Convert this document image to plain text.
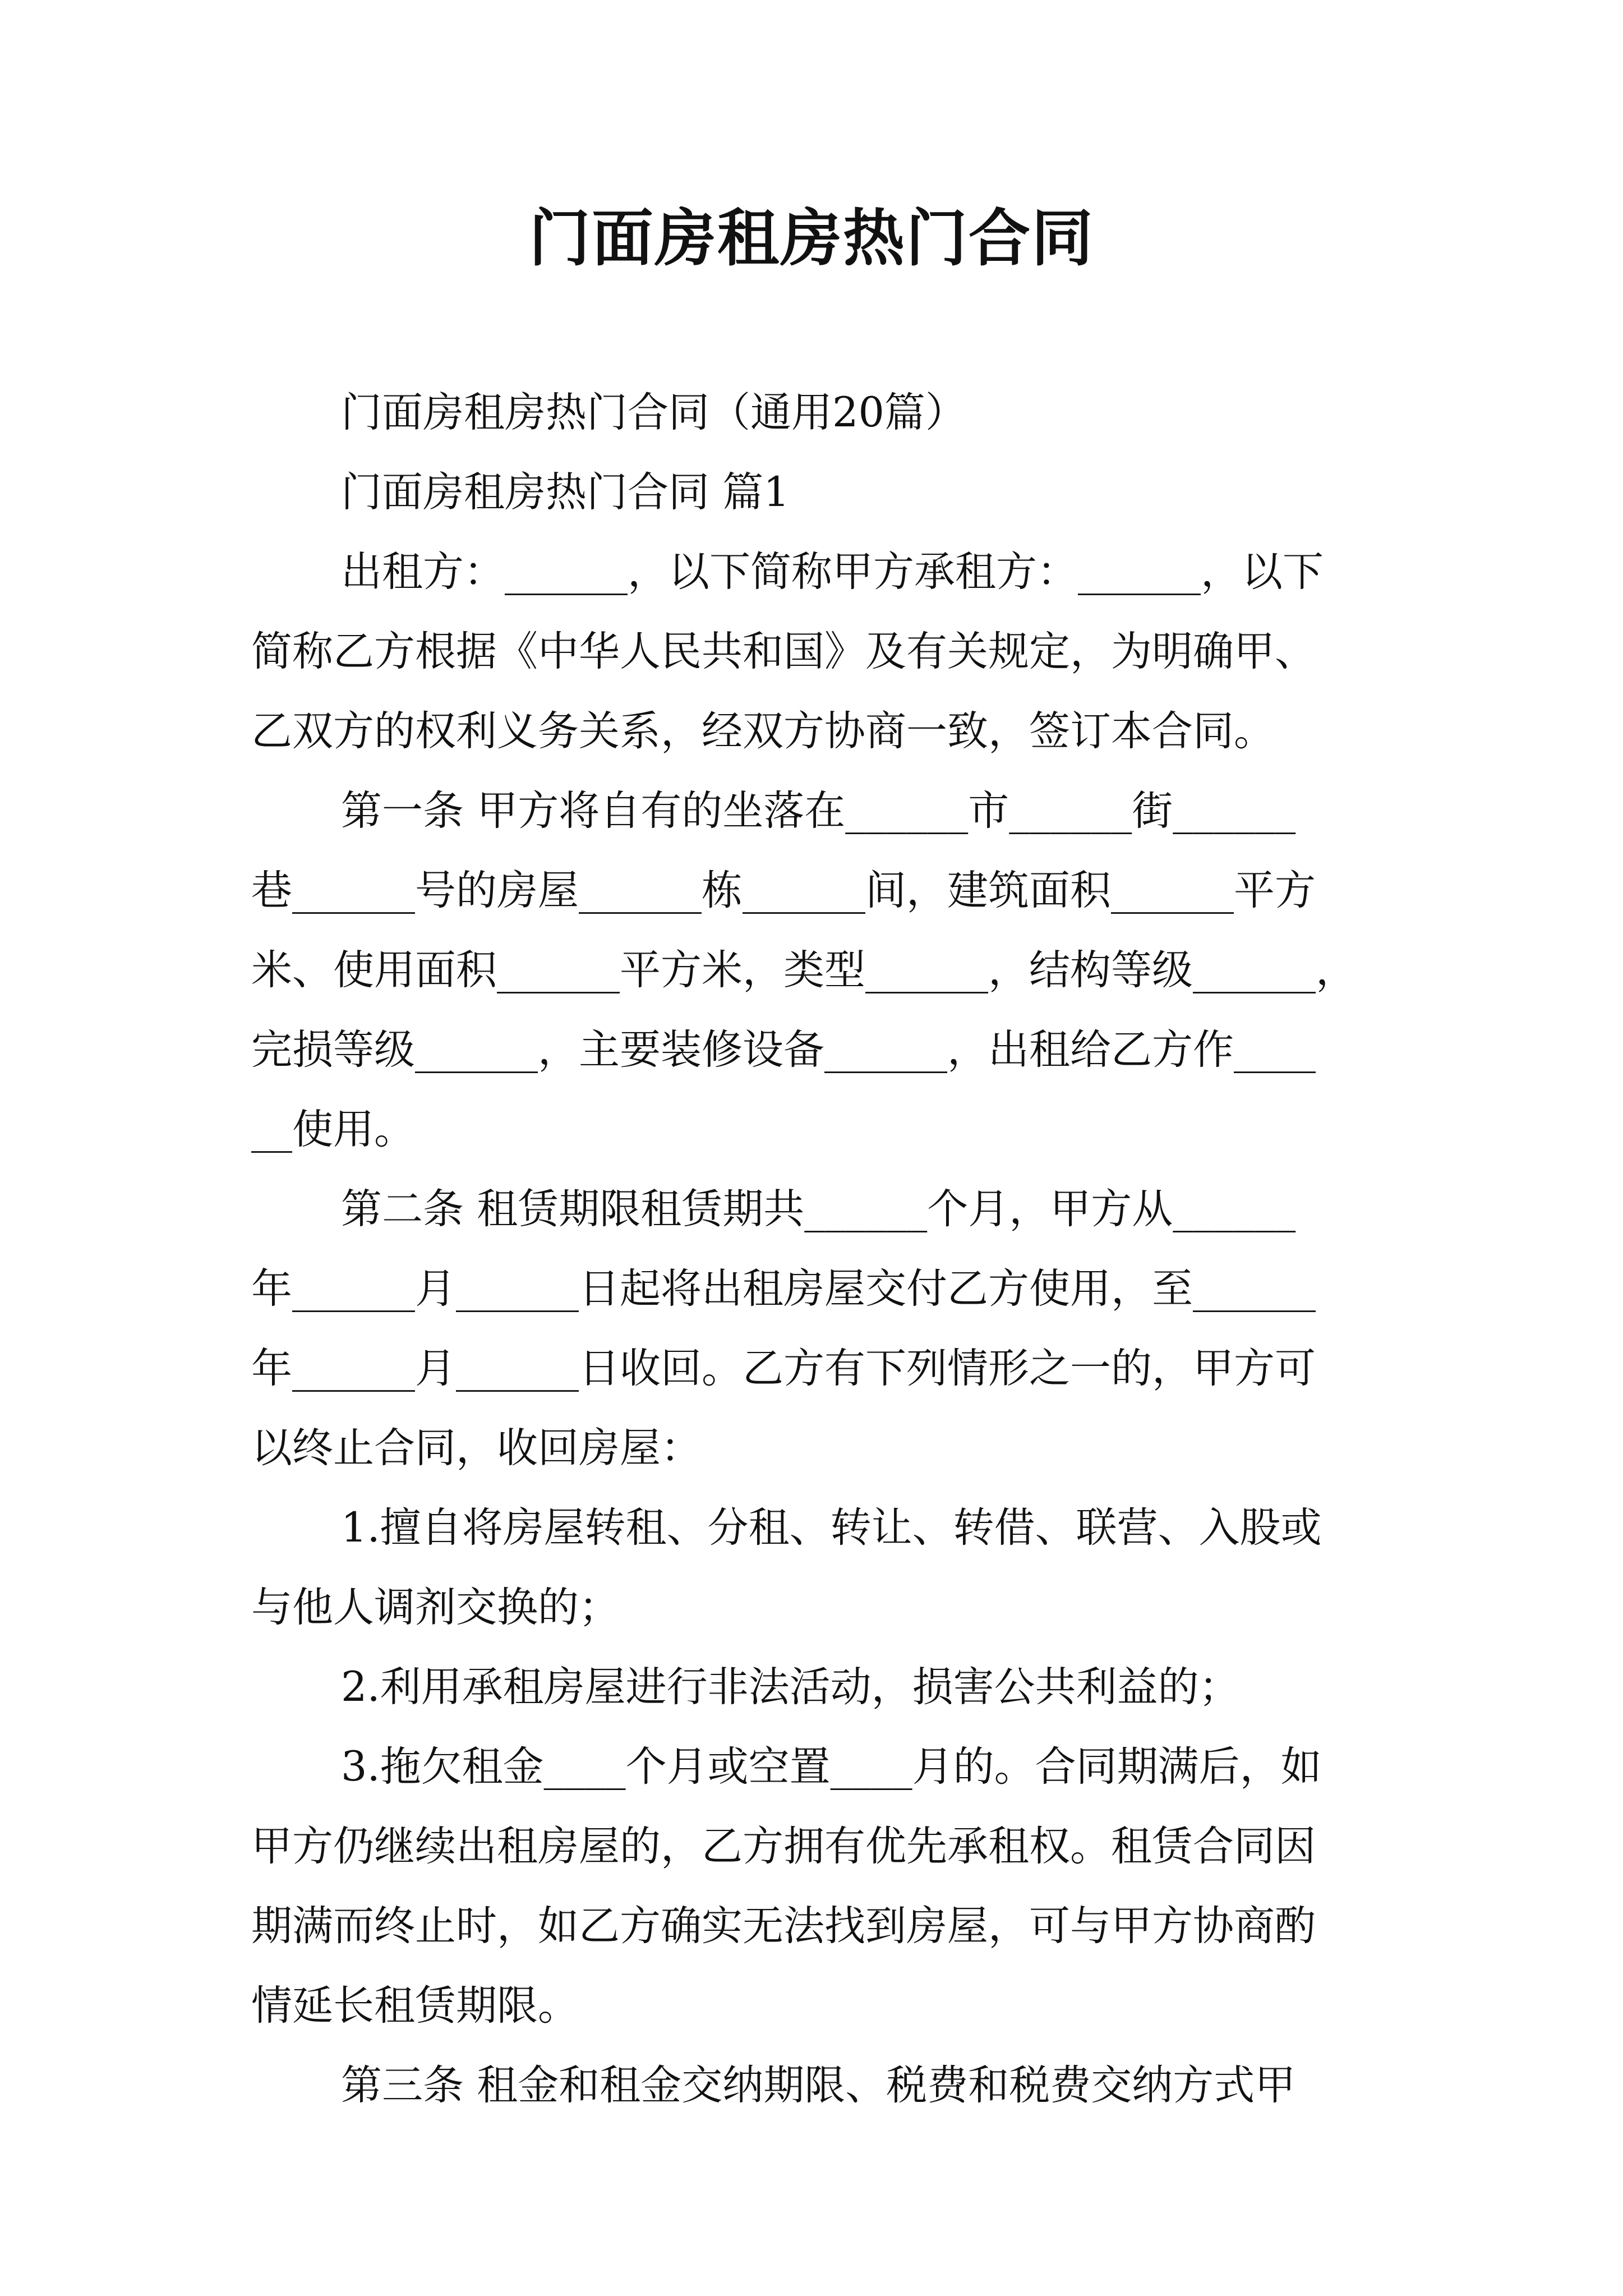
门面房租房热门合同
门面房租房热门合同（通用20篇）
门面房租房热门合同 篇1
出租方：______，以下简称甲方承租方：______，以下
简称乙方根据《中华人民共和国》及有关规定，为明确甲、
乙双方的权利义务关系，经双方协商一致，签订本合同。
第一条 甲方将自有的坐落在______市______街______
巷______号的房屋______栋______间，建筑面积______平方
米、使用面积______平方米，类型______，结构等级______，
完损等级______，主要装修设备______，出租给乙方作____
__使用。
第二条 租赁期限租赁期共______个月，甲方从______
年______月______日起将出租房屋交付乙方使用，至______
年______月______日收回。乙方有下列情形之一的，甲方可
以终止合同，收回房屋：
1.擅自将房屋转租、分租、转让、转借、联营、入股或
与他人调剂交换的；
2.利用承租房屋进行非法活动，损害公共利益的；
3.拖欠租金____个月或空置____月的。合同期满后，如
甲方仍继续出租房屋的，乙方拥有优先承租权。租赁合同因
期满而终止时，如乙方确实无法找到房屋，可与甲方协商酌
情延长租赁期限。
第三条 租金和租金交纳期限、税费和税费交纳方式甲
